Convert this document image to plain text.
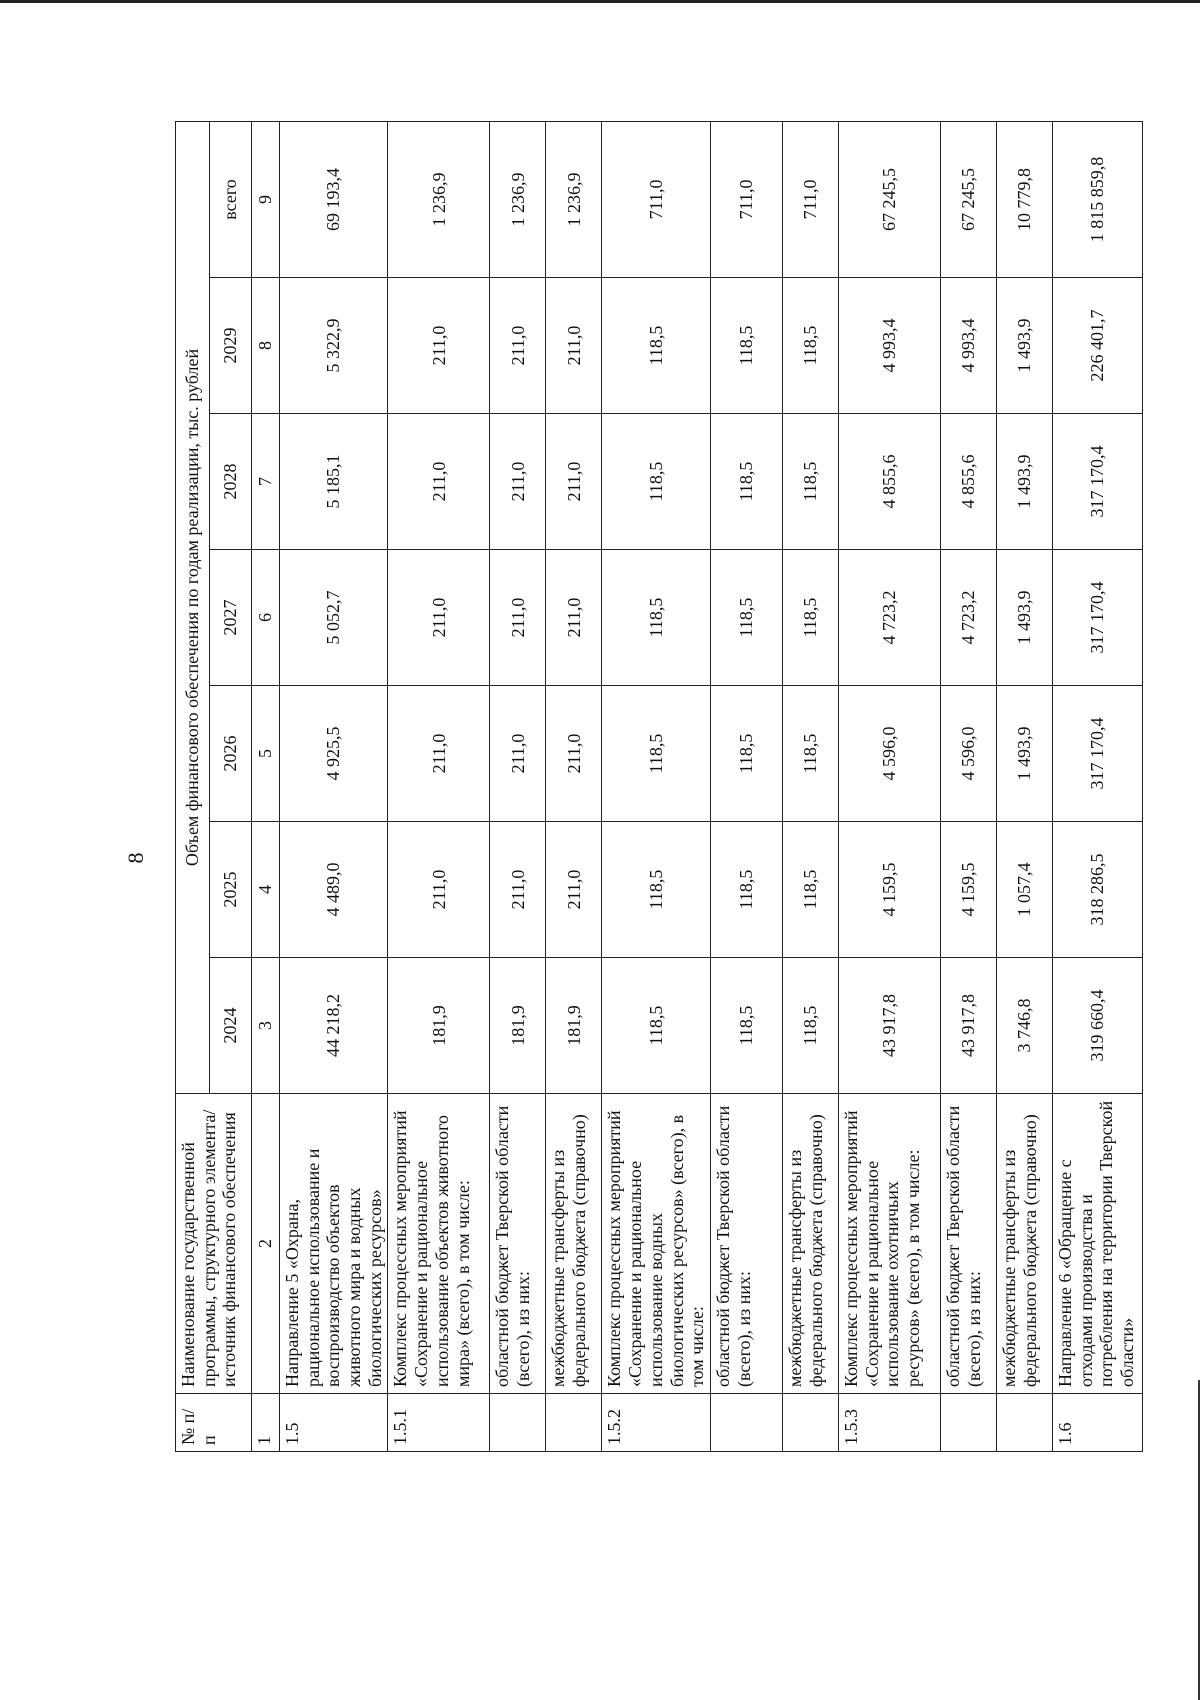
8
№ п/п	Наименование государственной программы, структурного элемента/источник финансового обеспечения	Объем финансового обеспечения по годам реализации, тыс. рублей						
		2024	2025	2026	2027	2028	2029	всего
1	2	3	4	5	6	7	8	9
1.5	Направление 5 «Охрана, рациональное использование и воспроизводство объектов животного мира и водных биологических ресурсов»	44 218,2	4 489,0	4 925,5	5 052,7	5 185,1	5 322,9	69 193,4
1.5.1	Комплекс процессных мероприятий «Сохранение и рациональное использование объектов животного мира» (всего), в том числе:	181,9	211,0	211,0	211,0	211,0	211,0	1 236,9
	областной бюджет Тверской области (всего), из них:	181,9	211,0	211,0	211,0	211,0	211,0	1 236,9
	межбюджетные трансферты из федерального бюджета (справочно)	181,9	211,0	211,0	211,0	211,0	211,0	1 236,9
1.5.2	Комплекс процессных мероприятий «Сохранение и рациональное использование водных биологических ресурсов» (всего), в том числе:	118,5	118,5	118,5	118,5	118,5	118,5	711,0
	областной бюджет Тверской области (всего), из них:	118,5	118,5	118,5	118,5	118,5	118,5	711,0
	межбюджетные трансферты из федерального бюджета (справочно)	118,5	118,5	118,5	118,5	118,5	118,5	711,0
1.5.3	Комплекс процессных мероприятий «Сохранение и рациональное использование охотничьих ресурсов» (всего), в том числе:	43 917,8	4 159,5	4 596,0	4 723,2	4 855,6	4 993,4	67 245,5
	областной бюджет Тверской области (всего), из них:	43 917,8	4 159,5	4 596,0	4 723,2	4 855,6	4 993,4	67 245,5
	межбюджетные трансферты из федерального бюджета (справочно)	3 746,8	1 057,4	1 493,9	1 493,9	1 493,9	1 493,9	10 779,8
1.6	Направление 6 «Обращение с отходами производства и потребления на территории Тверской области»	319 660,4	318 286,5	317 170,4	317 170,4	317 170,4	226 401,7	1 815 859,8
